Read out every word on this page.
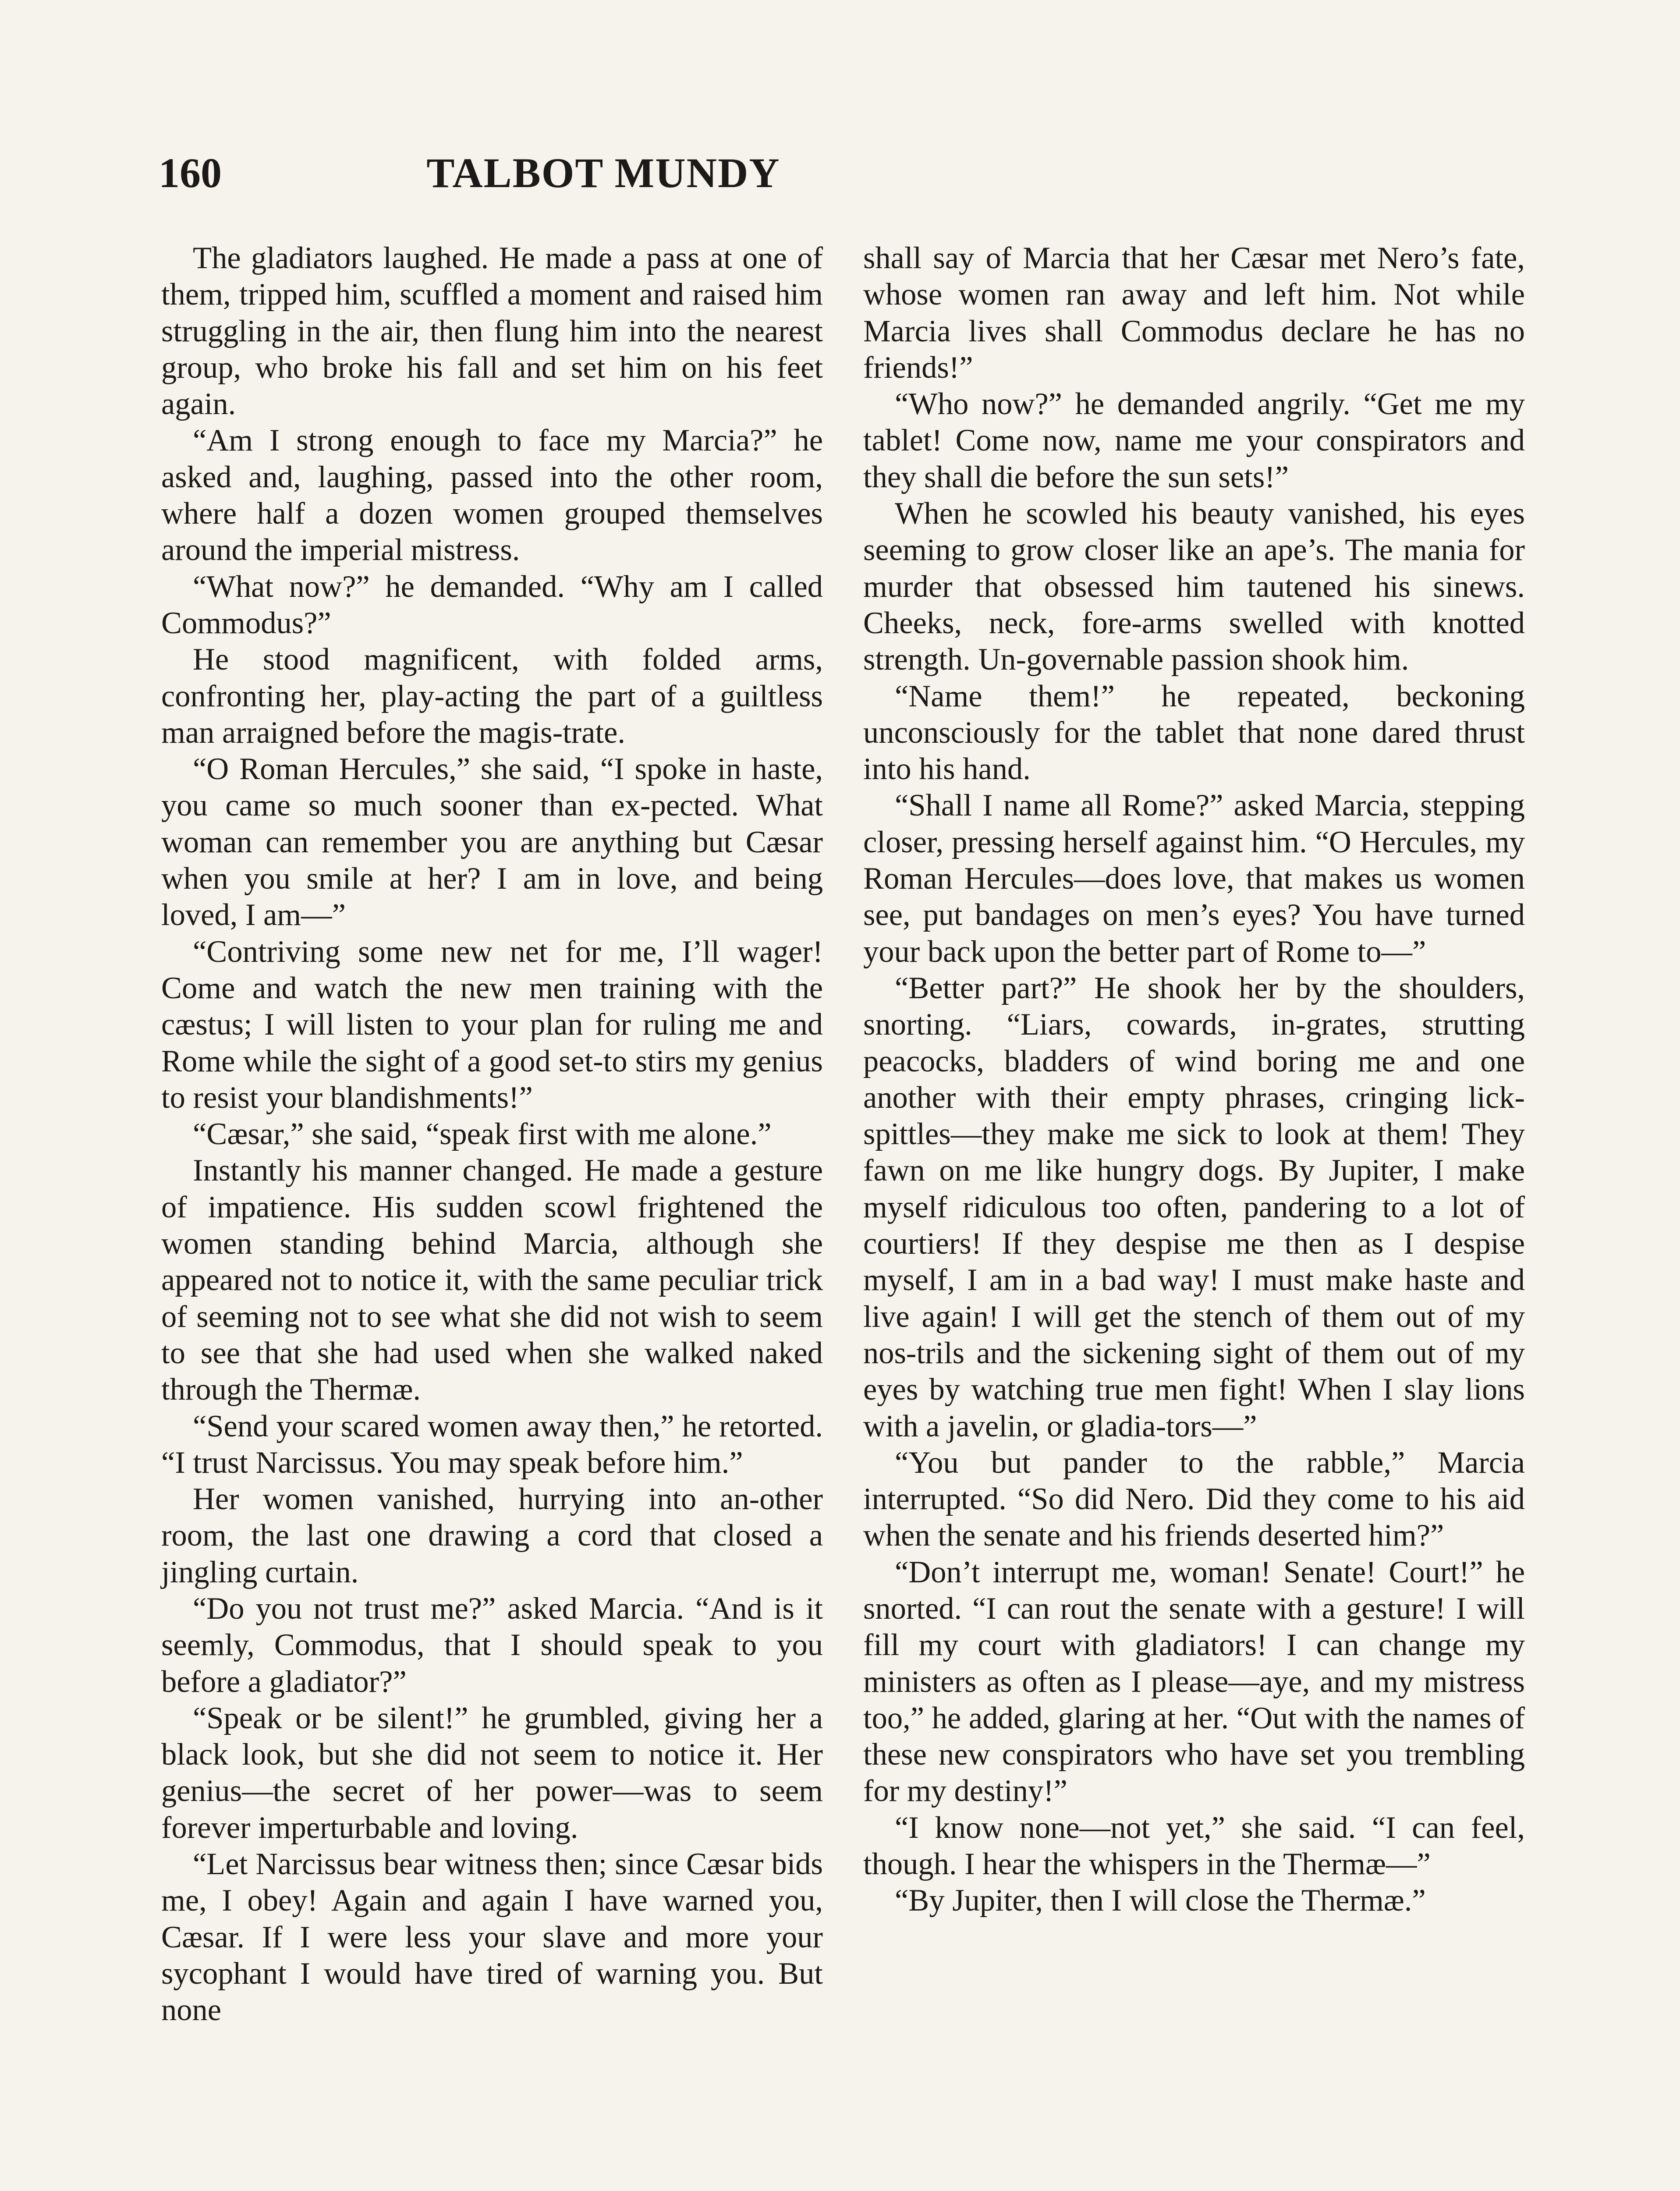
160	TALBOT MUNDY

The gladiators laughed. He made a pass at one of them, tripped him, scuffled a moment and raised him struggling in the air, then flung him into the nearest group, who broke his fall and set him on his feet again.

“Am I strong enough to face my Marcia?” he asked and, laughing, passed into the other room, where half a dozen women grouped themselves around the imperial mistress.

“What now?” he demanded. “Why am I called Commodus?”

He stood magnificent, with folded arms, confronting her, play-acting the part of a guiltless man arraigned before the magis-trate.

“O Roman Hercules,” she said, “I spoke in haste, you came so much sooner than ex-pected. What woman can remember you are anything but Cæsar when you smile at her? I am in love, and being loved, I am—”

“Contriving some new net for me, I’ll wager! Come and watch the new men training with the cæstus; I will listen to your plan for ruling me and Rome while the sight of a good set-to stirs my genius to resist your blandishments!”

“Cæsar,” she said, “speak first with me alone.”

Instantly his manner changed. He made a gesture of impatience. His sudden scowl frightened the women standing behind Marcia, although she appeared not to notice it, with the same peculiar trick of seeming not to see what she did not wish to seem to see that she had used when she walked naked through the Thermæ.

“Send your scared women away then,” he retorted. “I trust Narcissus. You may speak before him.”

Her women vanished, hurrying into an-other room, the last one drawing a cord that closed a jingling curtain.

“Do you not trust me?” asked Marcia. “And is it seemly, Commodus, that I should speak to you before a gladiator?”

“Speak or be silent!” he grumbled, giving her a black look, but she did not seem to notice it. Her genius—the secret of her power—was to seem forever imperturbable and loving.

“Let Narcissus bear witness then; since Cæsar bids me, I obey! Again and again I have warned you, Cæsar. If I were less your slave and more your sycophant I would have tired of warning you. But none

shall say of Marcia that her Cæsar met Nero’s fate, whose women ran away and left him. Not while Marcia lives shall Commodus declare he has no friends!”

“Who now?” he demanded angrily. “Get me my tablet! Come now, name me your conspirators and they shall die before the sun sets!”

When he scowled his beauty vanished, his eyes seeming to grow closer like an ape’s. The mania for murder that obsessed him tautened his sinews. Cheeks, neck, fore-arms swelled with knotted strength. Un-governable passion shook him.

“Name them!” he repeated, beckoning unconsciously for the tablet that none dared thrust into his hand.

“Shall I name all Rome?” asked Marcia, stepping closer, pressing herself against him. “O Hercules, my Roman Hercules—does love, that makes us women see, put bandages on men’s eyes? You have turned your back upon the better part of Rome to—”

“Better part?” He shook her by the shoulders, snorting. “Liars, cowards, in-grates, strutting peacocks, bladders of wind boring me and one another with their empty phrases, cringing lick-spittles—they make me sick to look at them! They fawn on me like hungry dogs. By Jupiter, I make myself ridiculous too often, pandering to a lot of courtiers! If they despise me then as I despise myself, I am in a bad way! I must make haste and live again! I will get the stench of them out of my nos-trils and the sickening sight of them out of my eyes by watching true men fight! When I slay lions with a javelin, or gladia-tors—”

“You but pander to the rabble,” Marcia interrupted. “So did Nero. Did they come to his aid when the senate and his friends deserted him?”

“Don’t interrupt me, woman! Senate! Court!” he snorted. “I can rout the senate with a gesture! I will fill my court with gladiators! I can change my ministers as often as I please—aye, and my mistress too,” he added, glaring at her. “Out with the names of these new conspirators who have set you trembling for my destiny!”

“I know none—not yet,” she said. “I can feel, though. I hear the whispers in the Thermæ—”

“By Jupiter, then I will close the Thermæ.”
